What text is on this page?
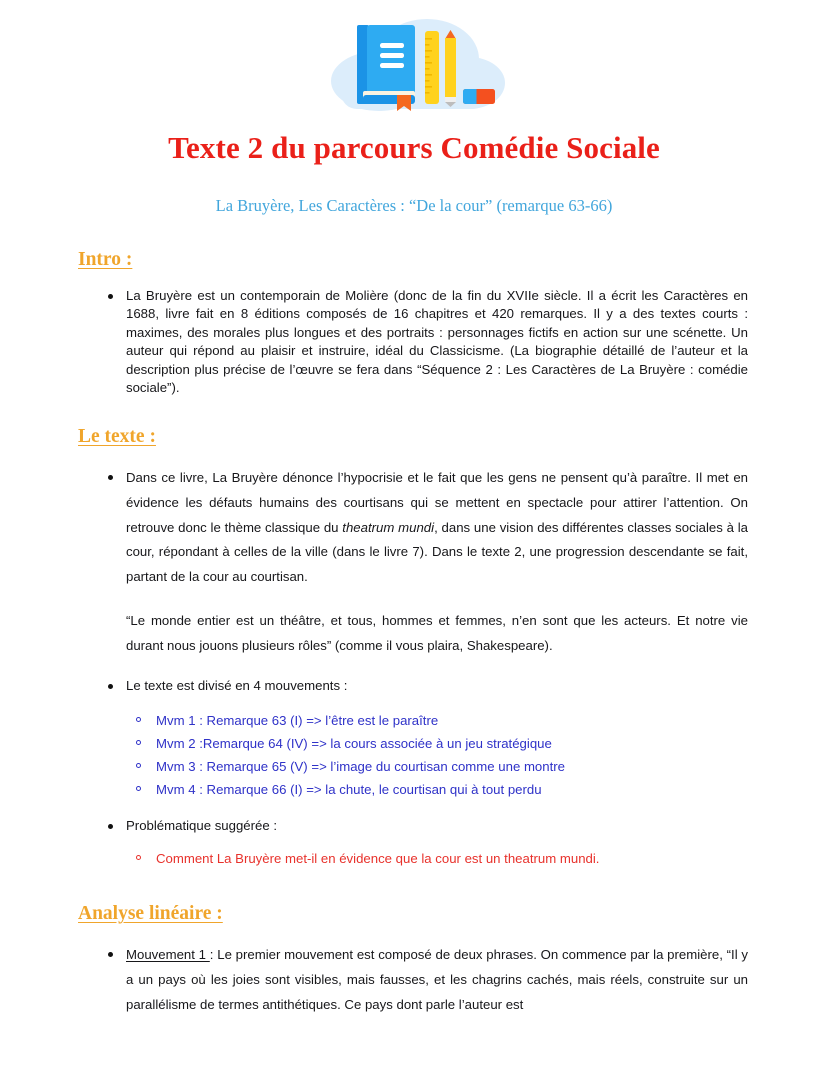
Texte 2 du parcours Comédie Sociale
La Bruyère, Les Caractères : “De la cour” (remarque 63-66)
Intro :

La Bruyère est un contemporain de Molière (donc de la fin du XVIIe siècle. Il a écrit les Caractères en 1688, livre fait en 8 éditions composés de 16 chapitres et 420 remarques. Il y a des textes courts : maximes, des morales plus longues et des portraits : personnages fictifs en action sur une scénette. Un auteur qui répond au plaisir et instruire, idéal du Classicisme. (La biographie détaillé de l’auteur et la description plus précise de l’œuvre se fera dans “Séquence 2 : Les Caractères de La Bruyère : comédie sociale”).

Le texte :

Dans ce livre, La Bruyère dénonce l’hypocrisie et le fait que les gens ne pensent qu’à paraître. Il met en évidence les défauts humains des courtisans qui se mettent en spectacle pour attirer l’attention. On retrouve donc le thème classique du theatrum mundi, dans une vision des différentes classes sociales à la cour, répondant à celles de la ville (dans le livre 7). Dans le texte 2, une progression descendante se fait, partant de la cour au courtisan.

“Le monde entier est un théâtre, et tous, hommes et femmes, n’en sont que les acteurs. Et notre vie durant nous jouons plusieurs rôles” (comme il vous plaira, Shakespeare).

Le texte est divisé en 4 mouvements :

Mvm 1 : Remarque 63 (I) => l’être est le paraître
Mvm 2 :Remarque 64 (IV) => la cours associée à un jeu stratégique
Mvm 3 : Remarque 65 (V) => l’image du courtisan comme une montre
Mvm 4 : Remarque 66 (I) => la chute, le courtisan qui à tout perdu

Problématique suggérée :

Comment La Bruyère met-il en évidence que la cour est un theatrum mundi.
Analyse linéaire :

Mouvement 1 : Le premier mouvement est composé de deux phrases. On commence par la première, “Il y a un pays où les joies sont visibles, mais fausses, et les chagrins cachés, mais réels, construite sur un parallélisme de termes antithétiques. Ce pays dont parle l’auteur est
